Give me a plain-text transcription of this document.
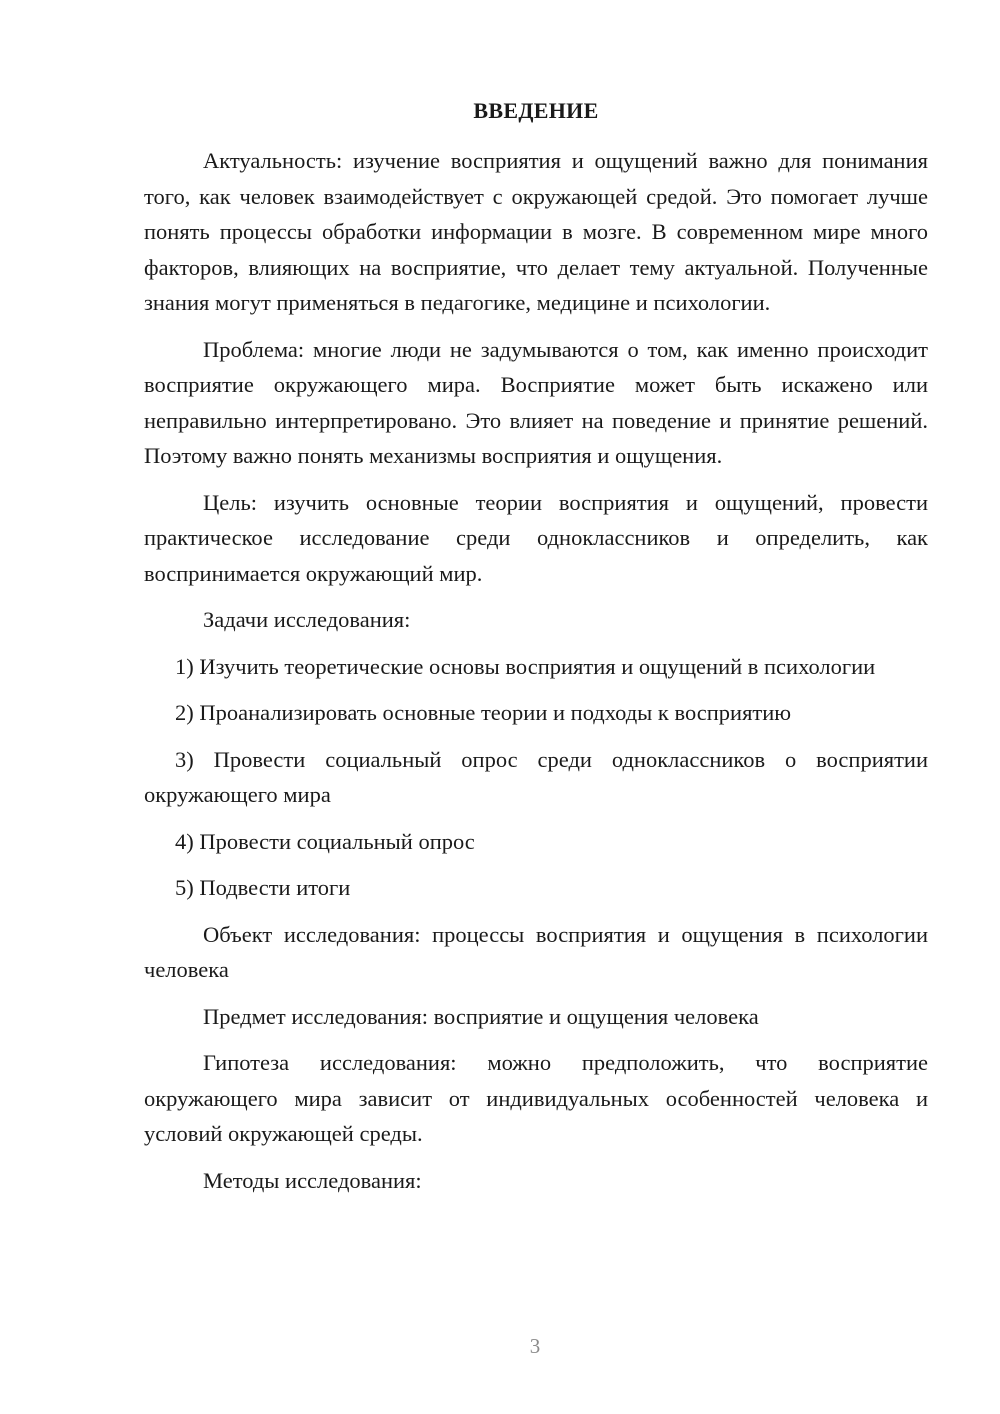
ВВЕДЕНИЕ

Актуальность: изучение восприятия и ощущений важно для понимания того, как человек взаимодействует с окружающей средой. Это помогает лучше понять процессы обработки информации в мозге. В современном мире много факторов, влияющих на восприятие, что делает тему актуальной. Полученные знания могут применяться в педагогике, медицине и психологии.

Проблема: многие люди не задумываются о том, как именно происходит восприятие окружающего мира. Восприятие может быть искажено или неправильно интерпретировано. Это влияет на поведение и принятие решений. Поэтому важно понять механизмы восприятия и ощущения.

Цель: изучить основные теории восприятия и ощущений, провести практическое исследование среди одноклассников и определить, как воспринимается окружающий мир.

Задачи исследования:

1) Изучить теоретические основы восприятия и ощущений в психологии

2) Проанализировать основные теории и подходы к восприятию

3) Провести социальный опрос среди одноклассников о восприятии окружающего мира

4) Провести социальный опрос

5) Подвести итоги

Объект исследования: процессы восприятия и ощущения в психологии человека

Предмет исследования: восприятие и ощущения человека

Гипотеза исследования: можно предположить, что восприятие окружающего мира зависит от индивидуальных особенностей человека и условий окружающей среды.

Методы исследования:

3
